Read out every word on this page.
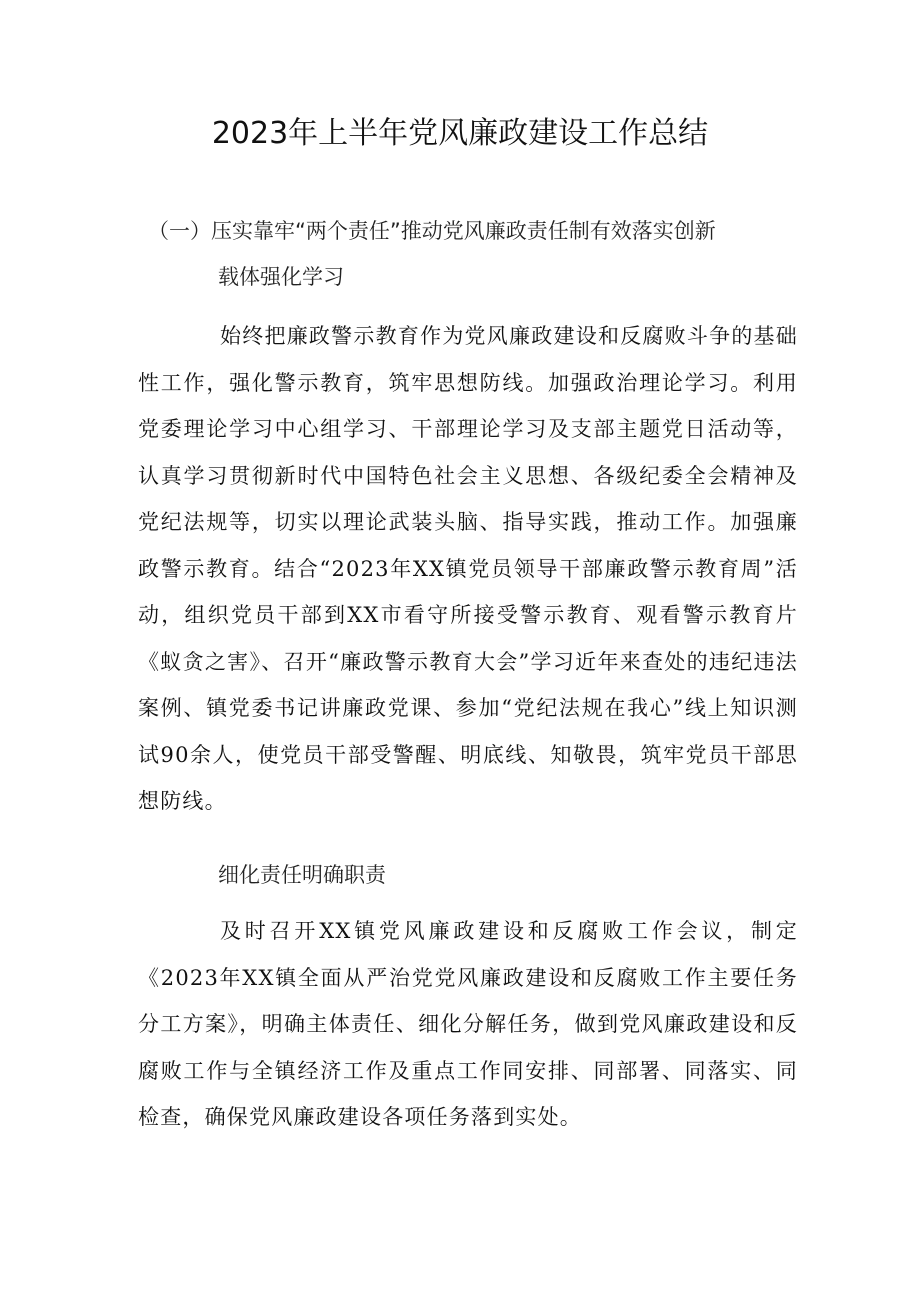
2023年上半年党风廉政建设工作总结
（一）压实靠牢“两个责任”推动党风廉政责任制有效落实创新
载体强化学习

始终把廉政警示教育作为党风廉政建设和反腐败斗争的基础性工作，强化警示教育，筑牢思想防线。加强政治理论学习。利用党委理论学习中心组学习、干部理论学习及支部主题党日活动等，认真学习贯彻新时代中国特色社会主义思想、各级纪委全会精神及党纪法规等，切实以理论武装头脑、指导实践，推动工作。加强廉政警示教育。结合“2023年XX镇党员领导干部廉政警示教育周”活动，组织党员干部到XX市看守所接受警示教育、观看警示教育片《蚁贪之害》、召开“廉政警示教育大会”学习近年来查处的违纪违法案例、镇党委书记讲廉政党课、参加“党纪法规在我心”线上知识测试90余人，使党员干部受警醒、明底线、知敬畏，筑牢党员干部思想防线。

细化责任明确职责

及时召开XX镇党风廉政建设和反腐败工作会议，制定《2023年XX镇全面从严治党党风廉政建设和反腐败工作主要任务分工方案》，明确主体责任、细化分解任务，做到党风廉政建设和反腐败工作与全镇经济工作及重点工作同安排、同部署、同落实、同检查，确保党风廉政建设各项任务落到实处。
